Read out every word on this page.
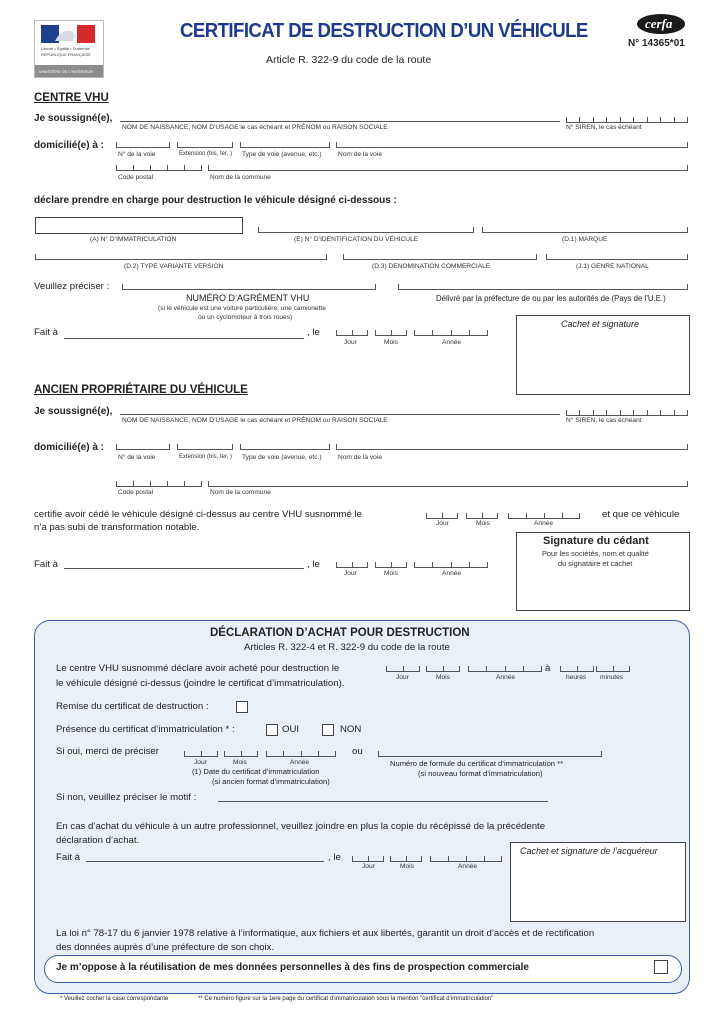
Liberté • Égalité • Fraternité
RÉPUBLIQUE FRANÇAISE
MINISTÈRE DE L'INTÉRIEUR
CERTIFICAT DE DESTRUCTION D’UN VÉHICULE
Article R. 322-9 du code de la route
cerfa
N° 14365*01
CENTRE VHU
Je soussigné(e),
NOM DE NAISSANCE, NOM D’USAGE le cas échéant et PRÉNOM ou RAISON SOCIALE	N° SIREN, le cas échéant
domicilié(e) à :
N° de la voie	Extension (bis, ter, ) Type de voie (avenue, etc.) Nom de la voie
Code postal	Nom de la commune
déclare prendre en charge pour destruction le véhicule désigné ci-dessous :
(A) N° D’IMMATRICULATION	(E) N° D’IDENTIFICATION DU VÉHICULE	(D.1) MARQUE
(D.2) TYPE VARIANTE VERSION	(D.3) DENOMINATION COMMERCIALE	(J.1) GENRE NATIONAL
Veuillez préciser :
NUMÉRO D’AGRÉMENT VHU
(si le véhicule est une voiture particulière, une camionette
ou un cyclomoteur à trois roues)
Délivré par la préfecture de ou par les autorités de (Pays de l’U.E.)
Fait à	, le
Jour	Mois	Année
Cachet et signature
ANCIEN PROPRIÉTAIRE DU VÉHICULE
Je soussigné(e),
NOM DE NAISSANCE, NOM D’USAGE le cas échéant et PRÉNOM ou RAISON SOCIALE	N° SIREN, le cas échéant
domicilié(e) à :
N° de la voie	Extension (bis, ter, ) Type de voie (avenue, etc.) Nom de la voie
Code postal	Nom de la commune
certifie avoir cédé le véhicule désigné ci-dessus au centre VHU susnommé le
n’a pas subi de transformation notable.	Jour	Mois	Année
et que ce véhicule
Fait à	, le
Jour	Mois	Année
Signature du cédant
Pour les sociétés, nom et qualité
du signataire et cachet
DÉCLARATION D’ACHAT POUR DESTRUCTION
Articles R. 322-4 et R. 322-9 du code de la route
Le centre VHU susnommé déclare avoir acheté pour destruction le	à
Jour	Mois	Année	heures minutes
le véhicule désigné ci-dessus (joindre le certificat d’immatriculation).
Remise du certificat de destruction :
Présence du certificat d’immatriculation * :	OUI	NON
Si oui, merci de préciser
Jour	Mois	Année
(1) Date du certificat d’immatriculation
(si ancien format d’immatriculation)
ou
Numéro de formule du certificat d’immatriculation **
(si nouveau format d’immatriculation)
Si non, veuillez préciser le motif :
En cas d’achat du véhicule à un autre professionnel, veuillez joindre en plus la copie du récépissé de la précédente
déclaration d’achat.
Fait à	, le
Jour	Mois	Année
Cachet et signature de l’acquéreur
La loi n° 78-17 du 6 janvier 1978 relative à l’informatique, aux fichiers et aux libertés, garantit un droit d’accès et de rectification
des données auprès d’une préfecture de son choix.
Je m’oppose à la réutilisation de mes données personnelles à des fins de prospection commerciale
* Veuillez cocher la case correspondante	** Ce numéro figure sur la 1ere page du certificat d’immatriculation sous la mention "certificat d’immatriculation"
